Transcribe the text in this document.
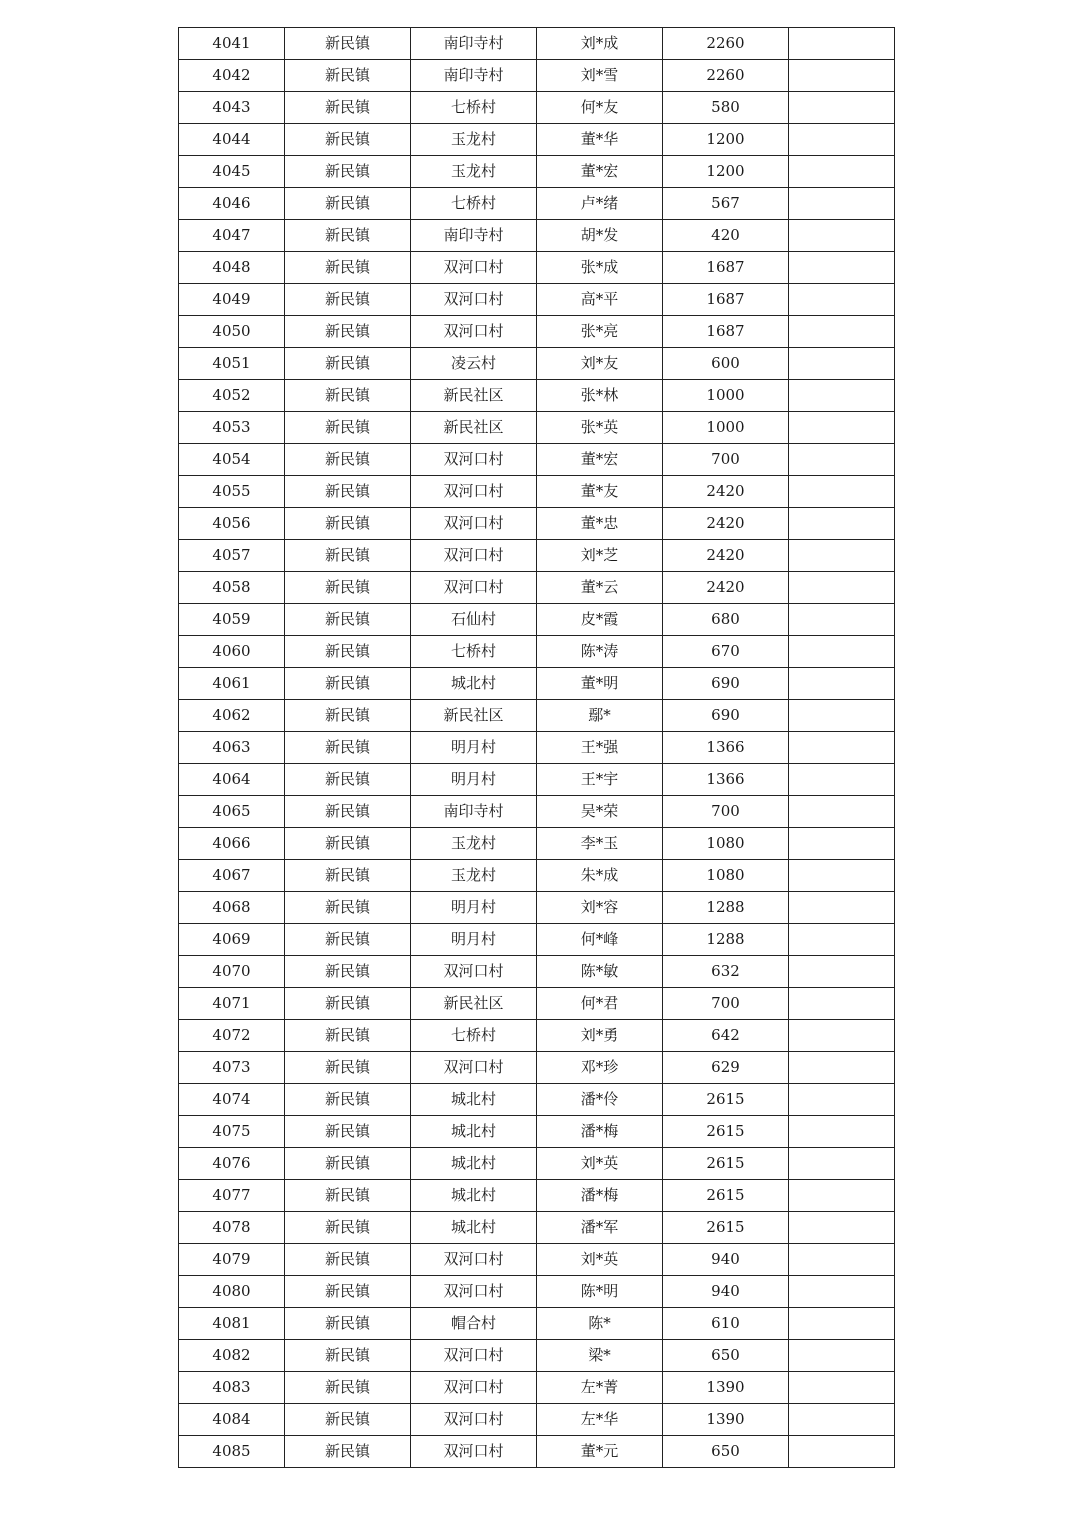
4041	新民镇	南印寺村	刘*成	2260	
4042	新民镇	南印寺村	刘*雪	2260	
4043	新民镇	七桥村	何*友	580	
4044	新民镇	玉龙村	董*华	1200	
4045	新民镇	玉龙村	董*宏	1200	
4046	新民镇	七桥村	卢*绪	567	
4047	新民镇	南印寺村	胡*发	420	
4048	新民镇	双河口村	张*成	1687	
4049	新民镇	双河口村	高*平	1687	
4050	新民镇	双河口村	张*亮	1687	
4051	新民镇	凌云村	刘*友	600	
4052	新民镇	新民社区	张*林	1000	
4053	新民镇	新民社区	张*英	1000	
4054	新民镇	双河口村	董*宏	700	
4055	新民镇	双河口村	董*友	2420	
4056	新民镇	双河口村	董*忠	2420	
4057	新民镇	双河口村	刘*芝	2420	
4058	新民镇	双河口村	董*云	2420	
4059	新民镇	石仙村	皮*霞	680	
4060	新民镇	七桥村	陈*涛	670	
4061	新民镇	城北村	董*明	690	
4062	新民镇	新民社区	鄢*	690	
4063	新民镇	明月村	王*强	1366	
4064	新民镇	明月村	王*宇	1366	
4065	新民镇	南印寺村	吴*荣	700	
4066	新民镇	玉龙村	李*玉	1080	
4067	新民镇	玉龙村	朱*成	1080	
4068	新民镇	明月村	刘*容	1288	
4069	新民镇	明月村	何*峰	1288	
4070	新民镇	双河口村	陈*敏	632	
4071	新民镇	新民社区	何*君	700	
4072	新民镇	七桥村	刘*勇	642	
4073	新民镇	双河口村	邓*珍	629	
4074	新民镇	城北村	潘*伶	2615	
4075	新民镇	城北村	潘*梅	2615	
4076	新民镇	城北村	刘*英	2615	
4077	新民镇	城北村	潘*梅	2615	
4078	新民镇	城北村	潘*军	2615	
4079	新民镇	双河口村	刘*英	940	
4080	新民镇	双河口村	陈*明	940	
4081	新民镇	帽合村	陈*	610	
4082	新民镇	双河口村	梁*	650	
4083	新民镇	双河口村	左*菁	1390	
4084	新民镇	双河口村	左*华	1390	
4085	新民镇	双河口村	董*元	650	
